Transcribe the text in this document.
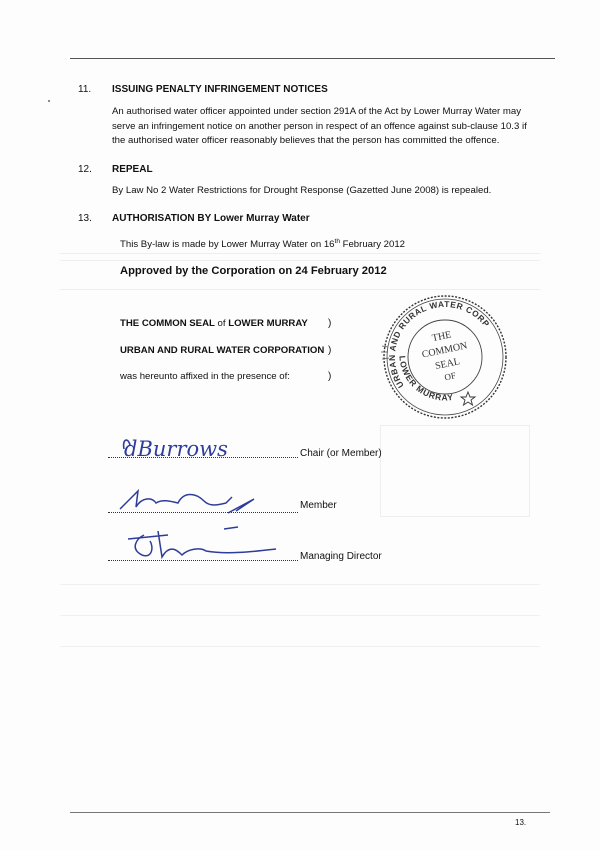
11. ISSUING PENALTY INFRINGEMENT NOTICES
An authorised water officer appointed under section 291A of the Act by Lower Murray Water may
serve an infringement notice on another person in respect of an offence against sub-clause 10.3 if
the authorised water officer reasonably believes that the person has committed the offence.
12. REPEAL
By Law No 2 Water Restrictions for Drought Response (Gazetted June 2008) is repealed.
13. AUTHORISATION BY Lower Murray Water
This By-law is made by Lower Murray Water on 16th February 2012
Approved by the Corporation on 24 February 2012
THE COMMON SEAL of LOWER MURRAY )
URBAN AND RURAL WATER CORPORATION )
was hereunto affixed in the presence of:	)
URBAN AND RURAL WATER CORPORATION
LOWER MURRAY
THE
COMMON
SEAL
OF
dBurrows	Chair (or Member)
Member
Managing Director
13.
